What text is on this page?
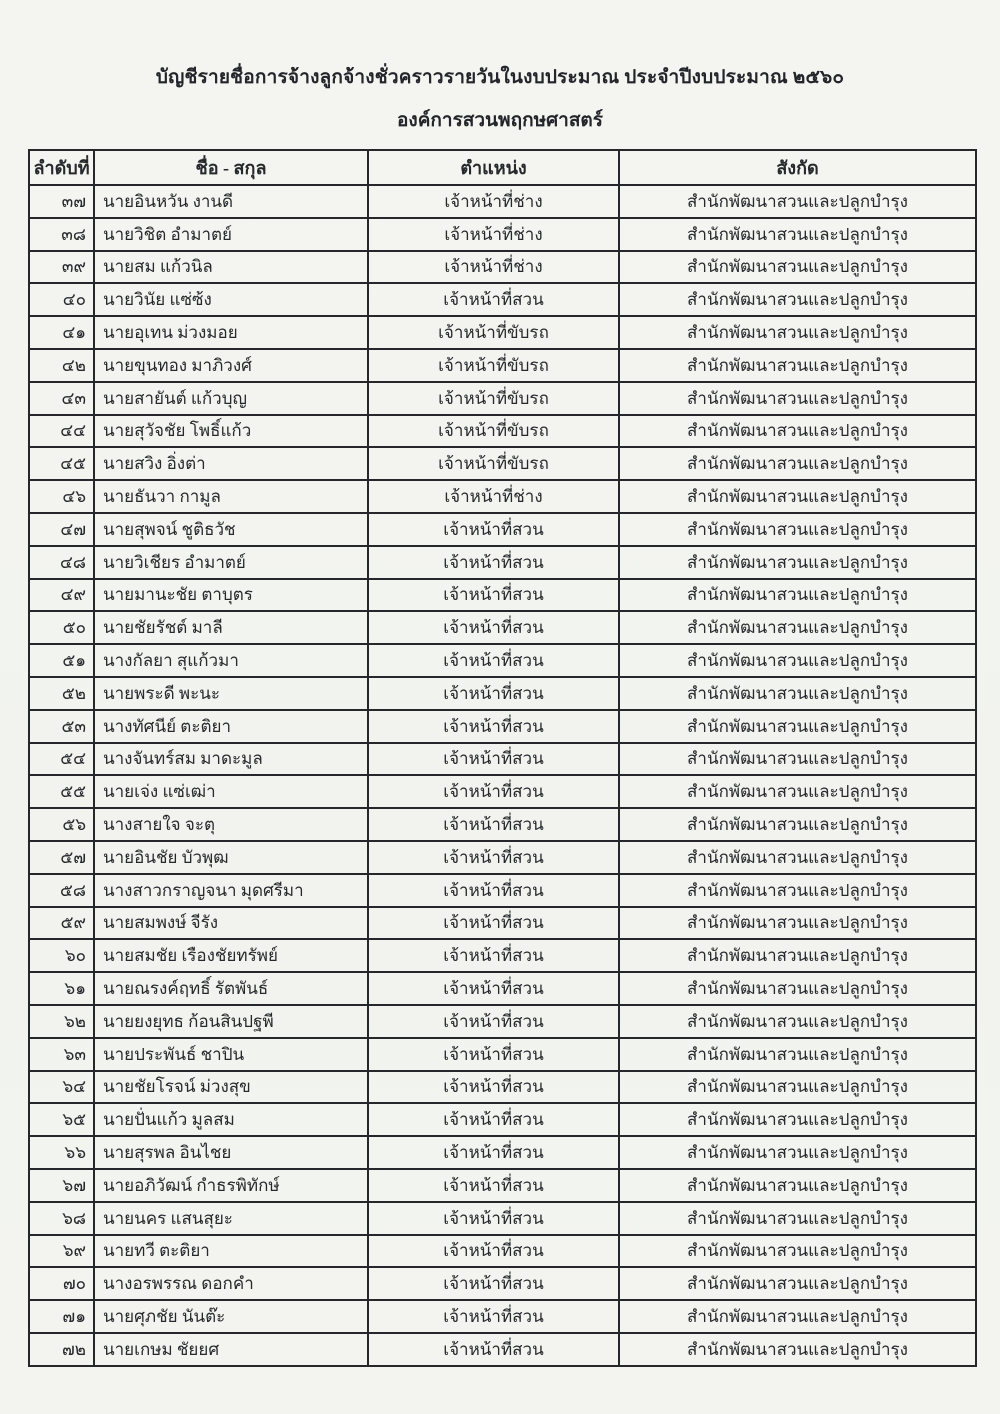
บัญชีรายชื่อการจ้างลูกจ้างชั่วคราวรายวันในงบประมาณ ประจำปีงบประมาณ ๒๕๖๐
องค์การสวนพฤกษศาสตร์
ลำดับที่	ชื่อ - สกุล	ตำแหน่ง	สังกัด
๓๗	นายอินหวัน งานดี	เจ้าหน้าที่ช่าง	สำนักพัฒนาสวนและปลูกบำรุง
๓๘	นายวิชิต อำมาตย์	เจ้าหน้าที่ช่าง	สำนักพัฒนาสวนและปลูกบำรุง
๓๙	นายสม แก้วนิล	เจ้าหน้าที่ช่าง	สำนักพัฒนาสวนและปลูกบำรุง
๔๐	นายวินัย แซ่ซ้ง	เจ้าหน้าที่สวน	สำนักพัฒนาสวนและปลูกบำรุง
๔๑	นายอุเทน ม่วงมอย	เจ้าหน้าที่ขับรถ	สำนักพัฒนาสวนและปลูกบำรุง
๔๒	นายขุนทอง มาภิวงศ์	เจ้าหน้าที่ขับรถ	สำนักพัฒนาสวนและปลูกบำรุง
๔๓	นายสายันต์ แก้วบุญ	เจ้าหน้าที่ขับรถ	สำนักพัฒนาสวนและปลูกบำรุง
๔๔	นายสุวัจชัย โพธิ์แก้ว	เจ้าหน้าที่ขับรถ	สำนักพัฒนาสวนและปลูกบำรุง
๔๕	นายสวิง อิ่งต่า	เจ้าหน้าที่ขับรถ	สำนักพัฒนาสวนและปลูกบำรุง
๔๖	นายธันวา กามูล	เจ้าหน้าที่ช่าง	สำนักพัฒนาสวนและปลูกบำรุง
๔๗	นายสุพจน์ ชูติธวัช	เจ้าหน้าที่สวน	สำนักพัฒนาสวนและปลูกบำรุง
๔๘	นายวิเชียร อำมาตย์	เจ้าหน้าที่สวน	สำนักพัฒนาสวนและปลูกบำรุง
๔๙	นายมานะชัย ตาบุตร	เจ้าหน้าที่สวน	สำนักพัฒนาสวนและปลูกบำรุง
๕๐	นายชัยรัชต์ มาลี	เจ้าหน้าที่สวน	สำนักพัฒนาสวนและปลูกบำรุง
๕๑	นางกัลยา สุแก้วมา	เจ้าหน้าที่สวน	สำนักพัฒนาสวนและปลูกบำรุง
๕๒	นายพระดี พะนะ	เจ้าหน้าที่สวน	สำนักพัฒนาสวนและปลูกบำรุง
๕๓	นางทัศนีย์ ตะติยา	เจ้าหน้าที่สวน	สำนักพัฒนาสวนและปลูกบำรุง
๕๔	นางจันทร์สม มาดะมูล	เจ้าหน้าที่สวน	สำนักพัฒนาสวนและปลูกบำรุง
๕๕	นายเจ่ง แซ่เฒ่า	เจ้าหน้าที่สวน	สำนักพัฒนาสวนและปลูกบำรุง
๕๖	นางสายใจ จะตุ	เจ้าหน้าที่สวน	สำนักพัฒนาสวนและปลูกบำรุง
๕๗	นายอินชัย บัวพุฒ	เจ้าหน้าที่สวน	สำนักพัฒนาสวนและปลูกบำรุง
๕๘	นางสาวกราญจนา มุดศรีมา	เจ้าหน้าที่สวน	สำนักพัฒนาสวนและปลูกบำรุง
๕๙	นายสมพงษ์ จีรัง	เจ้าหน้าที่สวน	สำนักพัฒนาสวนและปลูกบำรุง
๖๐	นายสมชัย เรืองชัยทรัพย์	เจ้าหน้าที่สวน	สำนักพัฒนาสวนและปลูกบำรุง
๖๑	นายณรงค์ฤทธิ์ รัตพันธ์	เจ้าหน้าที่สวน	สำนักพัฒนาสวนและปลูกบำรุง
๖๒	นายยงยุทธ ก้อนสินปฐพี	เจ้าหน้าที่สวน	สำนักพัฒนาสวนและปลูกบำรุง
๖๓	นายประพันธ์ ชาปิน	เจ้าหน้าที่สวน	สำนักพัฒนาสวนและปลูกบำรุง
๖๔	นายชัยโรจน์ ม่วงสุข	เจ้าหน้าที่สวน	สำนักพัฒนาสวนและปลูกบำรุง
๖๕	นายปั่นแก้ว มูลสม	เจ้าหน้าที่สวน	สำนักพัฒนาสวนและปลูกบำรุง
๖๖	นายสุรพล อินไชย	เจ้าหน้าที่สวน	สำนักพัฒนาสวนและปลูกบำรุง
๖๗	นายอภิวัฒน์ กำธรพิทักษ์	เจ้าหน้าที่สวน	สำนักพัฒนาสวนและปลูกบำรุง
๖๘	นายนคร แสนสุยะ	เจ้าหน้าที่สวน	สำนักพัฒนาสวนและปลูกบำรุง
๖๙	นายทวี ตะติยา	เจ้าหน้าที่สวน	สำนักพัฒนาสวนและปลูกบำรุง
๗๐	นางอรพรรณ ดอกคำ	เจ้าหน้าที่สวน	สำนักพัฒนาสวนและปลูกบำรุง
๗๑	นายศุภชัย นันต๊ะ	เจ้าหน้าที่สวน	สำนักพัฒนาสวนและปลูกบำรุง
๗๒	นายเกษม ชัยยศ	เจ้าหน้าที่สวน	สำนักพัฒนาสวนและปลูกบำรุง
